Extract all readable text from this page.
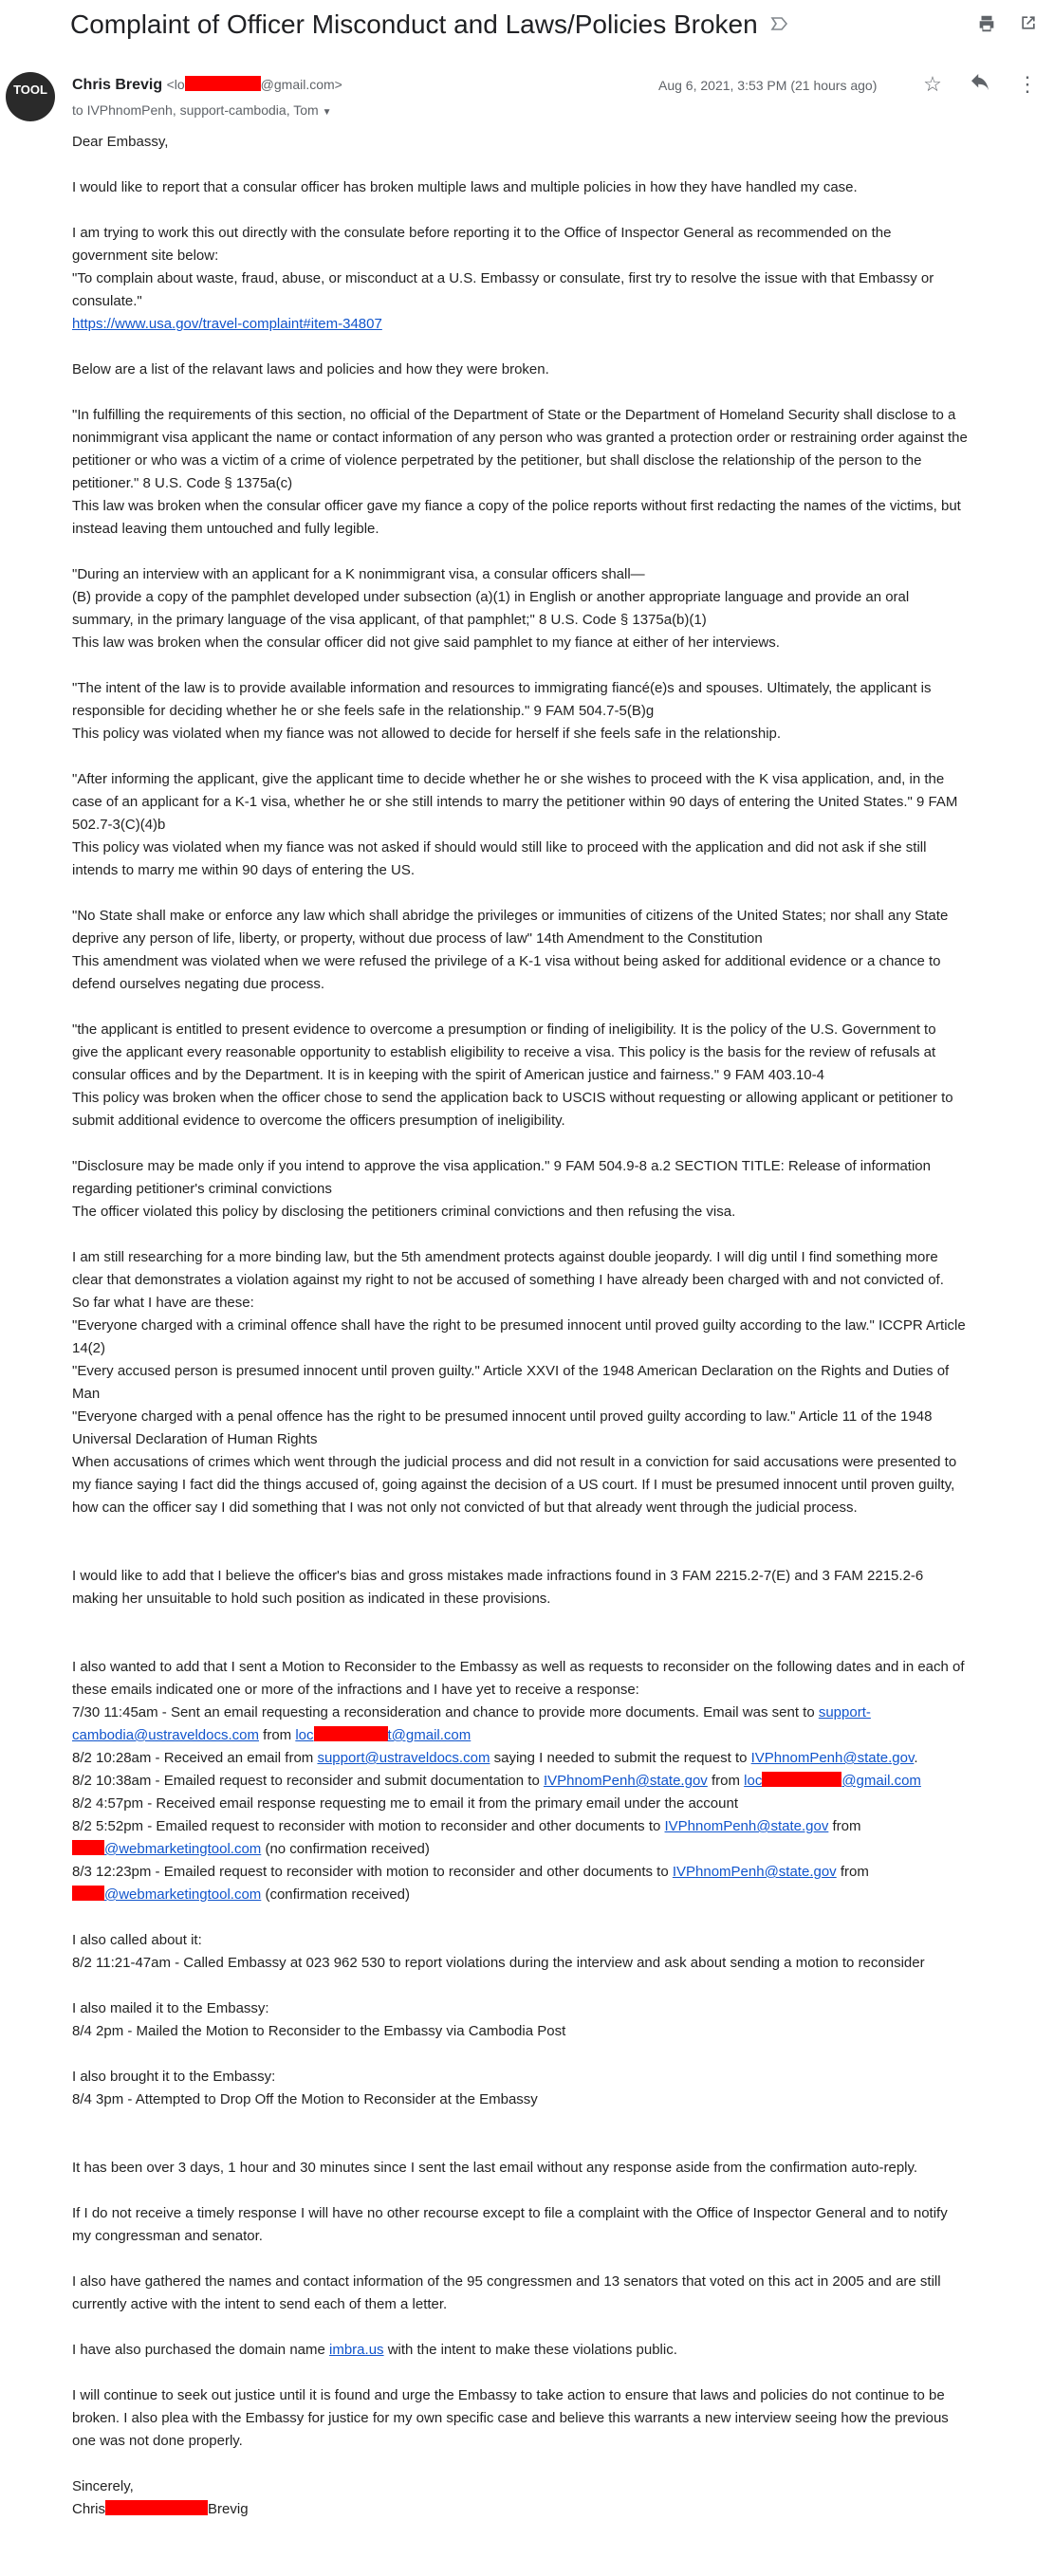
Complaint of Officer Misconduct and Laws/Policies Broken
TOOL	Chris Brevig <lo	@gmail.com>
to IVPhnomPenh, support-cambodia, Tom ▼
Aug 6, 2021, 3:53 PM (21 hours ago) ☆	⋮

Dear Embassy,

I would like to report that a consular officer has broken multiple laws and multiple policies in how they have handled my case.

I am trying to work this out directly with the consulate before reporting it to the Office of Inspector General as recommended on the

government site below:

"To complain about waste, fraud, abuse, or misconduct at a U.S. Embassy or consulate, first try to resolve the issue with that Embassy or

consulate."

https://www.usa.gov/travel-complaint#item-34807

Below are a list of the relavant laws and policies and how they were broken.

"In fulfilling the requirements of this section, no official of the Department of State or the Department of Homeland Security shall disclose to a

nonimmigrant visa applicant the name or contact information of any person who was granted a protection order or restraining order against the

petitioner or who was a victim of a crime of violence perpetrated by the petitioner, but shall disclose the relationship of the person to the

petitioner." 8 U.S. Code § 1375a(c)

This law was broken when the consular officer gave my fiance a copy of the police reports without first redacting the names of the victims, but

instead leaving them untouched and fully legible.

"During an interview with an applicant for a K nonimmigrant visa, a consular officers shall—

(B) provide a copy of the pamphlet developed under subsection (a)(1) in English or another appropriate language and provide an oral

summary, in the primary language of the visa applicant, of that pamphlet;" 8 U.S. Code § 1375a(b)(1)

This law was broken when the consular officer did not give said pamphlet to my fiance at either of her interviews.

"The intent of the law is to provide available information and resources to immigrating fiancé(e)s and spouses. Ultimately, the applicant is

responsible for deciding whether he or she feels safe in the relationship." 9 FAM 504.7-5(B)g

This policy was violated when my fiance was not allowed to decide for herself if she feels safe in the relationship.

"After informing the applicant, give the applicant time to decide whether he or she wishes to proceed with the K visa application, and, in the

case of an applicant for a K-1 visa, whether he or she still intends to marry the petitioner within 90 days of entering the United States." 9 FAM

502.7-3(C)(4)b

This policy was violated when my fiance was not asked if should would still like to proceed with the application and did not ask if she still

intends to marry me within 90 days of entering the US.

"No State shall make or enforce any law which shall abridge the privileges or immunities of citizens of the United States; nor shall any State

deprive any person of life, liberty, or property, without due process of law" 14th Amendment to the Constitution

This amendment was violated when we were refused the privilege of a K-1 visa without being asked for additional evidence or a chance to

defend ourselves negating due process.

"the applicant is entitled to present evidence to overcome a presumption or finding of ineligibility. It is the policy of the U.S. Government to

give the applicant every reasonable opportunity to establish eligibility to receive a visa. This policy is the basis for the review of refusals at

consular offices and by the Department. It is in keeping with the spirit of American justice and fairness." 9 FAM 403.10-4

This policy was broken when the officer chose to send the application back to USCIS without requesting or allowing applicant or petitioner to

submit additional evidence to overcome the officers presumption of ineligibility.

"Disclosure may be made only if you intend to approve the visa application." 9 FAM 504.9-8 a.2 SECTION TITLE: Release of information

regarding petitioner's criminal convictions

The officer violated this policy by disclosing the petitioners criminal convictions and then refusing the visa.

I am still researching for a more binding law, but the 5th amendment protects against double jeopardy. I will dig until I find something more

clear that demonstrates a violation against my right to not be accused of something I have already been charged with and not convicted of.

So far what I have are these:

"Everyone charged with a criminal offence shall have the right to be presumed innocent until proved guilty according to the law." ICCPR Article

14(2)

"Every accused person is presumed innocent until proven guilty." Article XXVI of the 1948 American Declaration on the Rights and Duties of

Man

"Everyone charged with a penal offence has the right to be presumed innocent until proved guilty according to law." Article 11 of the 1948

Universal Declaration of Human Rights

When accusations of crimes which went through the judicial process and did not result in a conviction for said accusations were presented to

my fiance saying I fact did the things accused of, going against the decision of a US court. If I must be presumed innocent until proven guilty,

how can the officer say I did something that I was not only not convicted of but that already went through the judicial process.

I would like to add that I believe the officer's bias and gross mistakes made infractions found in 3 FAM 2215.2-7(E) and 3 FAM 2215.2-6

making her unsuitable to hold such position as indicated in these provisions.

I also wanted to add that I sent a Motion to Reconsider to the Embassy as well as requests to reconsider on the following dates and in each of

these emails indicated one or more of the infractions and I have yet to receive a response:

7/30 11:45am - Sent an email requesting a reconsideration and chance to provide more documents. Email was sent to support-

cambodia@ustraveldocs.com from loc	t@gmail.com

8/2 10:28am - Received an email from support@ustraveldocs.com saying I needed to submit the request to IVPhnomPenh@state.gov.

8/2 10:38am - Emailed request to reconsider and submit documentation to IVPhnomPenh@state.gov from loc	@gmail.com

8/2 4:57pm - Received email response requesting me to email it from the primary email under the account

8/2 5:52pm - Emailed request to reconsider with motion to reconsider and other documents to IVPhnomPenh@state.gov from

@webmarketingtool.com (no confirmation received)

8/3 12:23pm - Emailed request to reconsider with motion to reconsider and other documents to IVPhnomPenh@state.gov from

@webmarketingtool.com (confirmation received)

I also called about it:

8/2 11:21-47am - Called Embassy at 023 962 530 to report violations during the interview and ask about sending a motion to reconsider

I also mailed it to the Embassy:

8/4 2pm - Mailed the Motion to Reconsider to the Embassy via Cambodia Post

I also brought it to the Embassy:

8/4 3pm - Attempted to Drop Off the Motion to Reconsider at the Embassy

It has been over 3 days, 1 hour and 30 minutes since I sent the last email without any response aside from the confirmation auto-reply.

If I do not receive a timely response I will have no other recourse except to file a complaint with the Office of Inspector General and to notify

my congressman and senator.

I also have gathered the names and contact information of the 95 congressmen and 13 senators that voted on this act in 2005 and are still

currently active with the intent to send each of them a letter.

I have also purchased the domain name imbra.us with the intent to make these violations public.

I will continue to seek out justice until it is found and urge the Embassy to take action to ensure that laws and policies do not continue to be

broken. I also plea with the Embassy for justice for my own specific case and believe this warrants a new interview seeing how the previous

one was not done properly.

Sincerely,

Chris	Brevig
